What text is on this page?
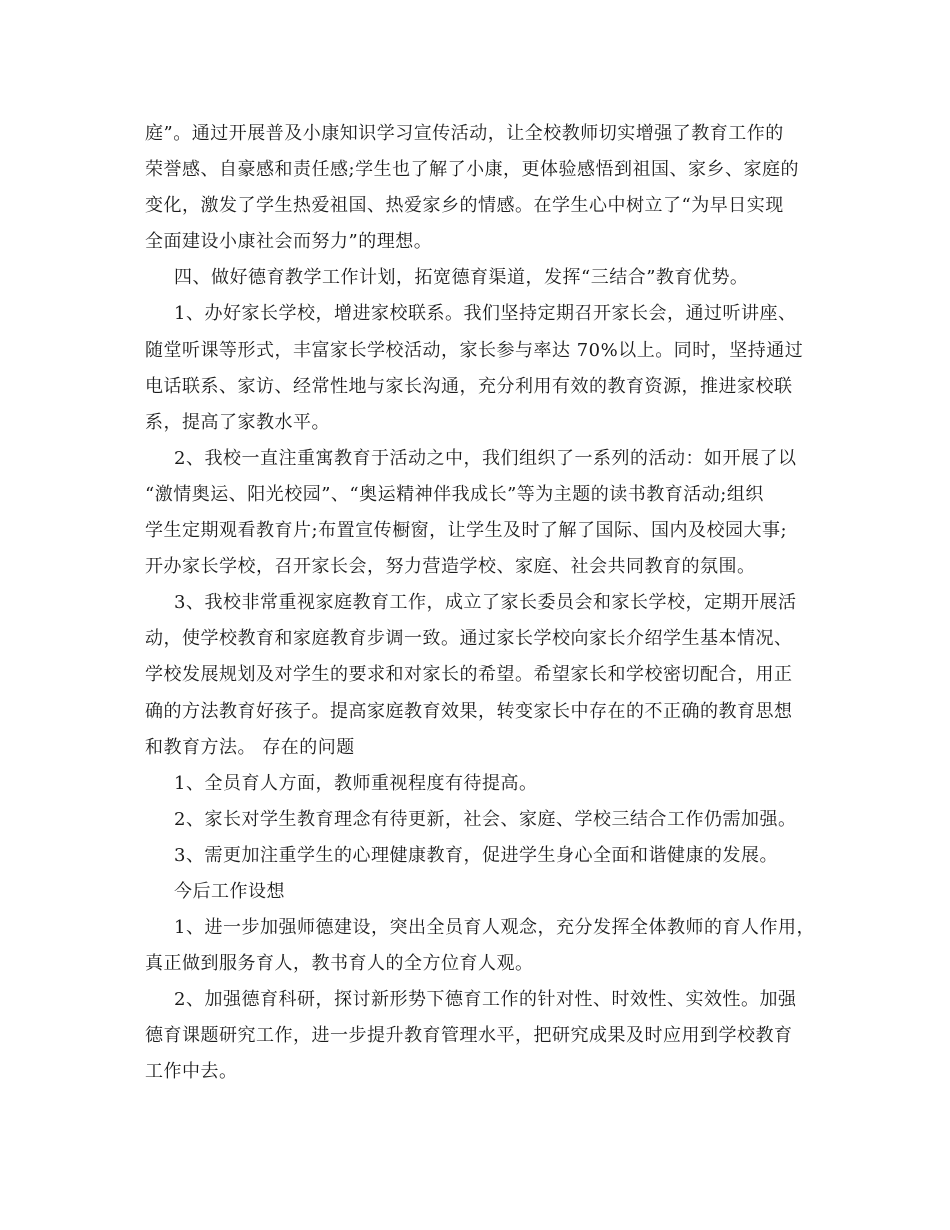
庭”。通过开展普及小康知识学习宣传活动，让全校教师切实增强了教育工作的
荣誉感、自豪感和责任感;学生也了解了小康，更体验感悟到祖国、家乡、家庭的
变化，激发了学生热爱祖国、热爱家乡的情感。在学生心中树立了“为早日实现
全面建设小康社会而努力”的理想。
四、做好德育教学工作计划，拓宽德育渠道，发挥“三结合”教育优势。
1、办好家长学校，增进家校联系。我们坚持定期召开家长会，通过听讲座、
随堂听课等形式，丰富家长学校活动，家长参与率达 70%以上。同时，坚持通过
电话联系、家访、经常性地与家长沟通，充分利用有效的教育资源，推进家校联
系，提高了家教水平。
2、我校一直注重寓教育于活动之中，我们组织了一系列的活动：如开展了以
“激情奥运、阳光校园”、“奥运精神伴我成长”等为主题的读书教育活动;组织
学生定期观看教育片;布置宣传橱窗，让学生及时了解了国际、国内及校园大事;
开办家长学校，召开家长会，努力营造学校、家庭、社会共同教育的氛围。
3、我校非常重视家庭教育工作，成立了家长委员会和家长学校，定期开展活
动，使学校教育和家庭教育步调一致。通过家长学校向家长介绍学生基本情况、
学校发展规划及对学生的要求和对家长的希望。希望家长和学校密切配合，用正
确的方法教育好孩子。提高家庭教育效果，转变家长中存在的不正确的教育思想
和教育方法。 存在的问题
1、全员育人方面，教师重视程度有待提高。
2、家长对学生教育理念有待更新，社会、家庭、学校三结合工作仍需加强。
3、需更加注重学生的心理健康教育，促进学生身心全面和谐健康的发展。
今后工作设想
1、进一步加强师德建设，突出全员育人观念，充分发挥全体教师的育人作用，
真正做到服务育人，教书育人的全方位育人观。
2、加强德育科研，探讨新形势下德育工作的针对性、时效性、实效性。加强
德育课题研究工作，进一步提升教育管理水平，把研究成果及时应用到学校教育
工作中去。
